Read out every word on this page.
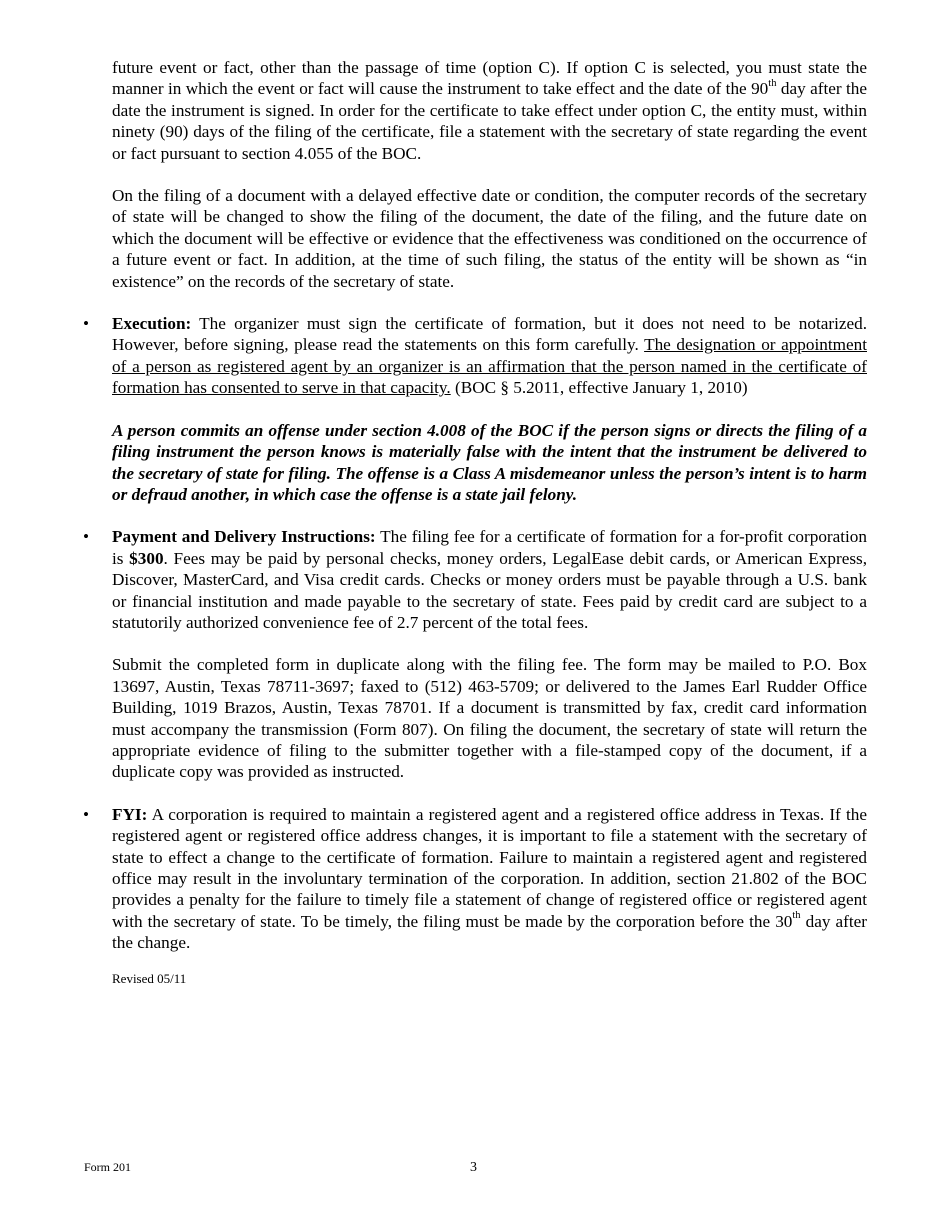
future event or fact, other than the passage of time (option C). If option C is selected, you must state the manner in which the event or fact will cause the instrument to take effect and the date of the 90th day after the date the instrument is signed. In order for the certificate to take effect under option C, the entity must, within ninety (90) days of the filing of the certificate, file a statement with the secretary of state regarding the event or fact pursuant to section 4.055 of the BOC.

On the filing of a document with a delayed effective date or condition, the computer records of the secretary of state will be changed to show the filing of the document, the date of the filing, and the future date on which the document will be effective or evidence that the effectiveness was conditioned on the occurrence of a future event or fact. In addition, at the time of such filing, the status of the entity will be shown as “in existence” on the records of the secretary of state.

• Execution: The organizer must sign the certificate of formation, but it does not need to be notarized. However, before signing, please read the statements on this form carefully. The designation or appointment of a person as registered agent by an organizer is an affirmation that the person named in the certificate of formation has consented to serve in that capacity. (BOC § 5.2011, effective January 1, 2010)

A person commits an offense under section 4.008 of the BOC if the person signs or directs the filing of a filing instrument the person knows is materially false with the intent that the instrument be delivered to the secretary of state for filing. The offense is a Class A misdemeanor unless the person’s intent is to harm or defraud another, in which case the offense is a state jail felony.

• Payment and Delivery Instructions: The filing fee for a certificate of formation for a for-profit corporation is $300. Fees may be paid by personal checks, money orders, LegalEase debit cards, or American Express, Discover, MasterCard, and Visa credit cards. Checks or money orders must be payable through a U.S. bank or financial institution and made payable to the secretary of state. Fees paid by credit card are subject to a statutorily authorized convenience fee of 2.7 percent of the total fees.

Submit the completed form in duplicate along with the filing fee. The form may be mailed to P.O. Box 13697, Austin, Texas 78711-3697; faxed to (512) 463-5709; or delivered to the James Earl Rudder Office Building, 1019 Brazos, Austin, Texas 78701. If a document is transmitted by fax, credit card information must accompany the transmission (Form 807). On filing the document, the secretary of state will return the appropriate evidence of filing to the submitter together with a file-stamped copy of the document, if a duplicate copy was provided as instructed.

• FYI: A corporation is required to maintain a registered agent and a registered office address in Texas. If the registered agent or registered office address changes, it is important to file a statement with the secretary of state to effect a change to the certificate of formation. Failure to maintain a registered agent and registered office may result in the involuntary termination of the corporation. In addition, section 21.802 of the BOC provides a penalty for the failure to timely file a statement of change of registered office or registered agent with the secretary of state. To be timely, the filing must be made by the corporation before the 30th day after the change.

Revised 05/11
Form 201	3
